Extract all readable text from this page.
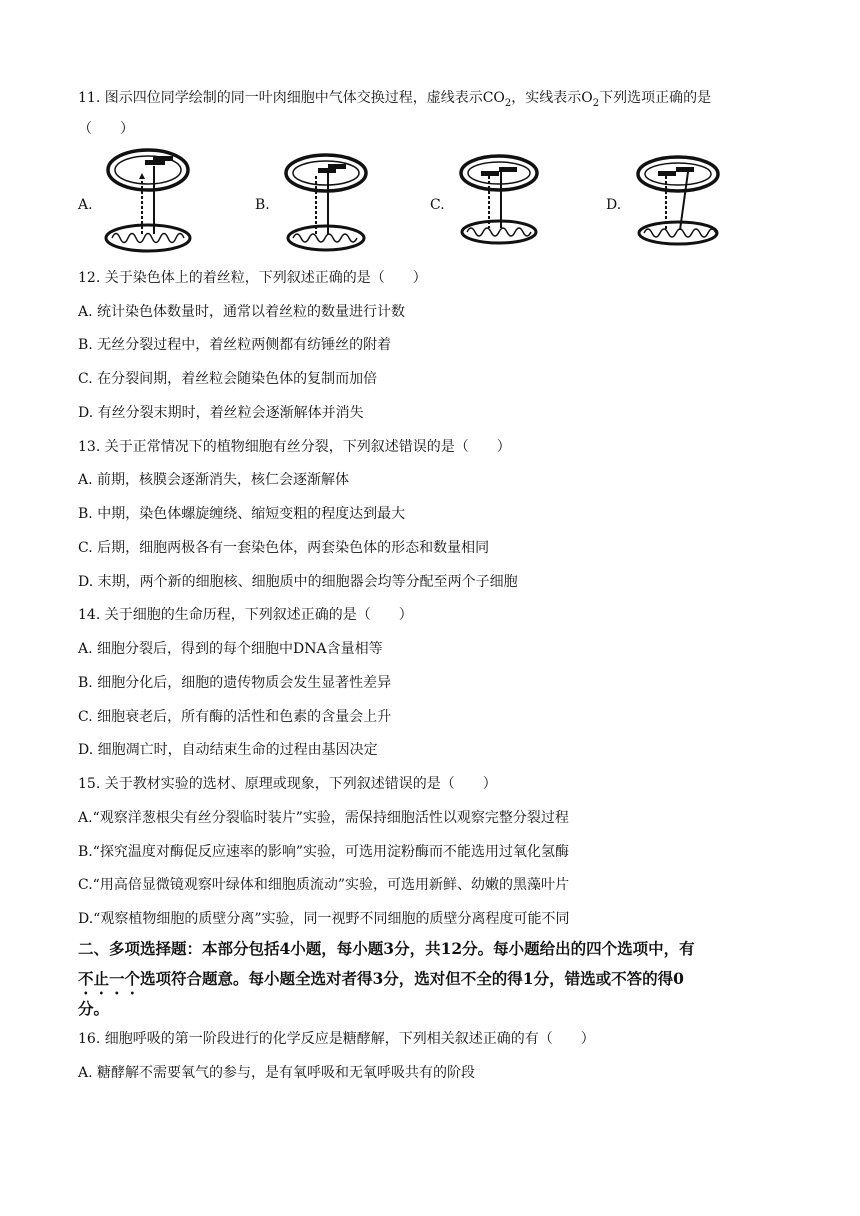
11. 图示四位同学绘制的同一叶肉细胞中气体交换过程，虚线表示$CO_2$，实线表示$O_2$下列选项正确的是
（　　）
A.	B.	C.	D.
12. 关于染色体上的着丝粒，下列叙述正确的是（　　）
A. 统计染色体数量时，通常以着丝粒的数量进行计数
B. 无丝分裂过程中，着丝粒两侧都有纺锤丝的附着
C. 在分裂间期，着丝粒会随染色体的复制而加倍
D. 有丝分裂末期时，着丝粒会逐渐解体并消失
13. 关于正常情况下的植物细胞有丝分裂，下列叙述错误的是（　　）
A. 前期，核膜会逐渐消失，核仁会逐渐解体
B. 中期，染色体螺旋缠绕、缩短变粗的程度达到最大
C. 后期，细胞两极各有一套染色体，两套染色体的形态和数量相同
D. 末期，两个新的细胞核、细胞质中的细胞器会均等分配至两个子细胞
14. 关于细胞的生命历程，下列叙述正确的是（　　）
A. 细胞分裂后，得到的每个细胞中DNA含量相等
B. 细胞分化后，细胞的遗传物质会发生显著性差异
C. 细胞衰老后，所有酶的活性和色素的含量会上升
D. 细胞凋亡时，自动结束生命的过程由基因决定
15. 关于教材实验的选材、原理或现象，下列叙述错误的是（　　）
A.“观察洋葱根尖有丝分裂临时装片”实验，需保持细胞活性以观察完整分裂过程
B.“探究温度对酶促反应速率的影响”实验，可选用淀粉酶而不能选用过氧化氢酶
C.“用高倍显微镜观察叶绿体和细胞质流动”实验，可选用新鲜、幼嫩的黑藻叶片
D.“观察植物细胞的质壁分离”实验，同一视野不同细胞的质壁分离程度可能不同
二、多项选择题：本部分包括4小题，每小题3分，共12分。每小题给出的四个选项中，有
不止一个选项符合题意。每小题全选对者得3分，选对但不全的得1分，错选或不答的得0
分。
16. 细胞呼吸的第一阶段进行的化学反应是糖酵解，下列相关叙述正确的有（　　）
A. 糖酵解不需要氧气的参与，是有氧呼吸和无氧呼吸共有的阶段
